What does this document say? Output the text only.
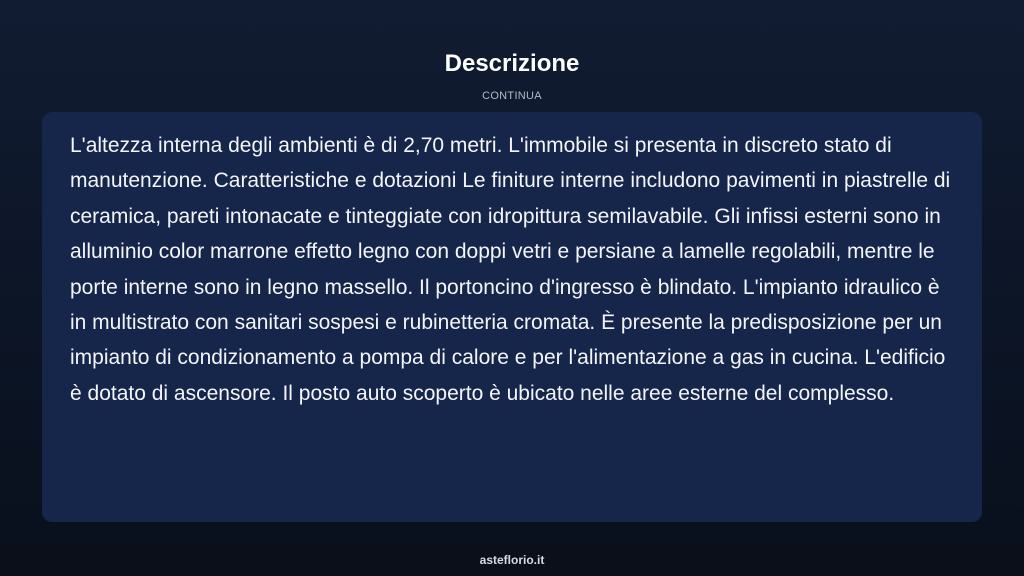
Descrizione
CONTINUA

L'altezza interna degli ambienti è di 2,70 metri. L'immobile si presenta in discreto stato di manutenzione. Caratteristiche e dotazioni Le finiture interne includono pavimenti in piastrelle di ceramica, pareti intonacate e tinteggiate con idropittura semilavabile. Gli infissi esterni sono in alluminio color marrone effetto legno con doppi vetri e persiane a lamelle regolabili, mentre le porte interne sono in legno massello. Il portoncino d'ingresso è blindato. L'impianto idraulico è in multistrato con sanitari sospesi e rubinetteria cromata. È presente la predisposizione per un impianto di condizionamento a pompa di calore e per l'alimentazione a gas in cucina. L'edificio è dotato di ascensore. Il posto auto scoperto è ubicato nelle aree esterne del complesso.

asteflorio.it
